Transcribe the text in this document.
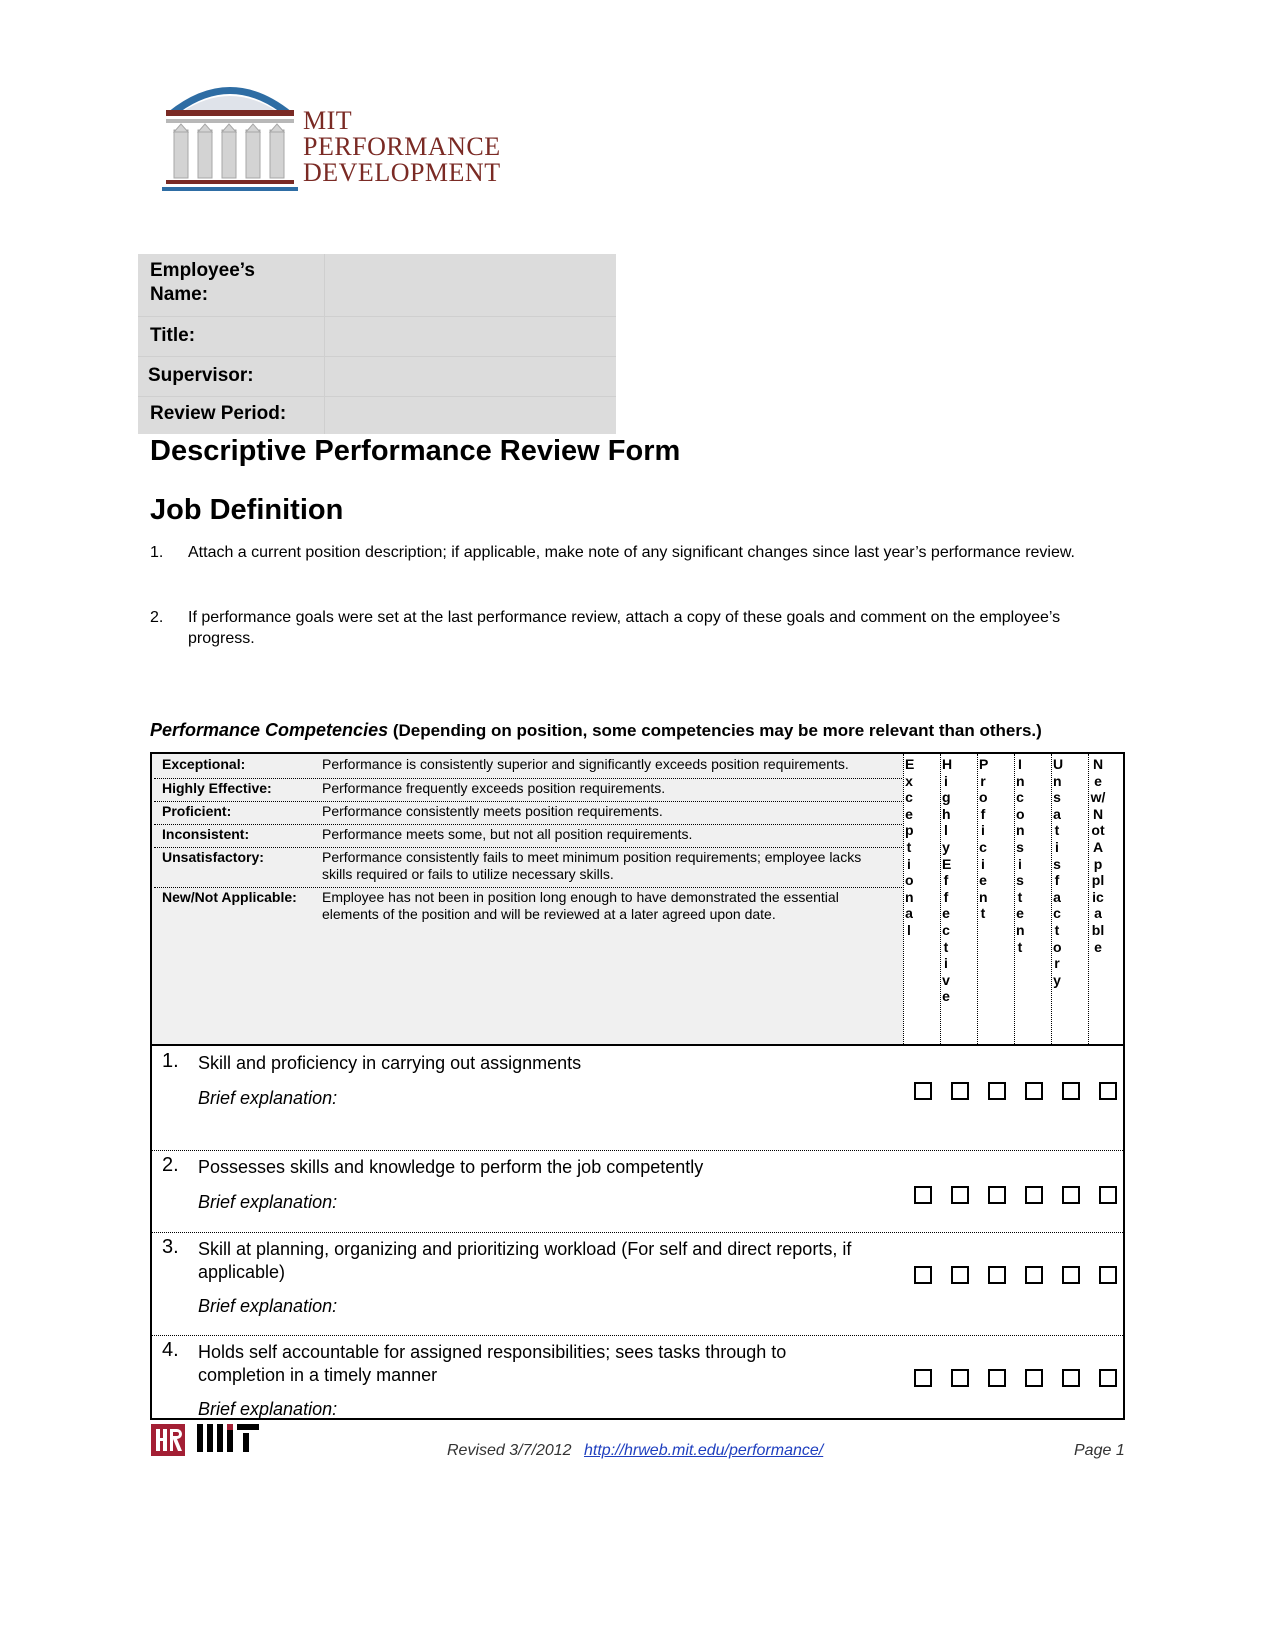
MIT
PERFORMANCE
DEVELOPMENT
Employee’s Name:
Title:
Supervisor:
Review Period:
Descriptive Performance Review Form
Job Definition
1. Attach a current position description; if applicable, make note of any significant changes since last year’s performance review.
2. If performance goals were set at the last performance review, attach a copy of these goals and comment on the employee’s progress.
Performance Competencies (Depending on position, some competencies may be more relevant than others.)
Exceptional:	Performance is consistently superior and significantly exceeds position requirements.
Highly Effective:	Performance frequently exceeds position requirements.
Proficient:	Performance consistently meets position requirements.
Inconsistent:	Performance meets some, but not all position requirements.
Unsatisfactory:	Performance consistently fails to meet minimum position requirements; employee lacks skills required or fails to utilize necessary skills.
New/Not Applicable: Employee has not been in position long enough to have demonstrated the essential elements of the position and will be reviewed at a later agreed upon date.
Exceptional
HighlyEffective
Proficient
Inconsistent
Unsatisfactory
New/NotApplicable
1. Skill and proficiency in carrying out assignments
Brief explanation:
2. Possesses skills and knowledge to perform the job competently
Brief explanation:
3. Skill at planning, organizing and prioritizing workload (For self and direct reports, if applicable)
Brief explanation:
4. Holds self accountable for assigned responsibilities; sees tasks through to completion in a timely manner
Brief explanation:
Revised 3/7/2012 http://hrweb.mit.edu/performance/	Page 1
